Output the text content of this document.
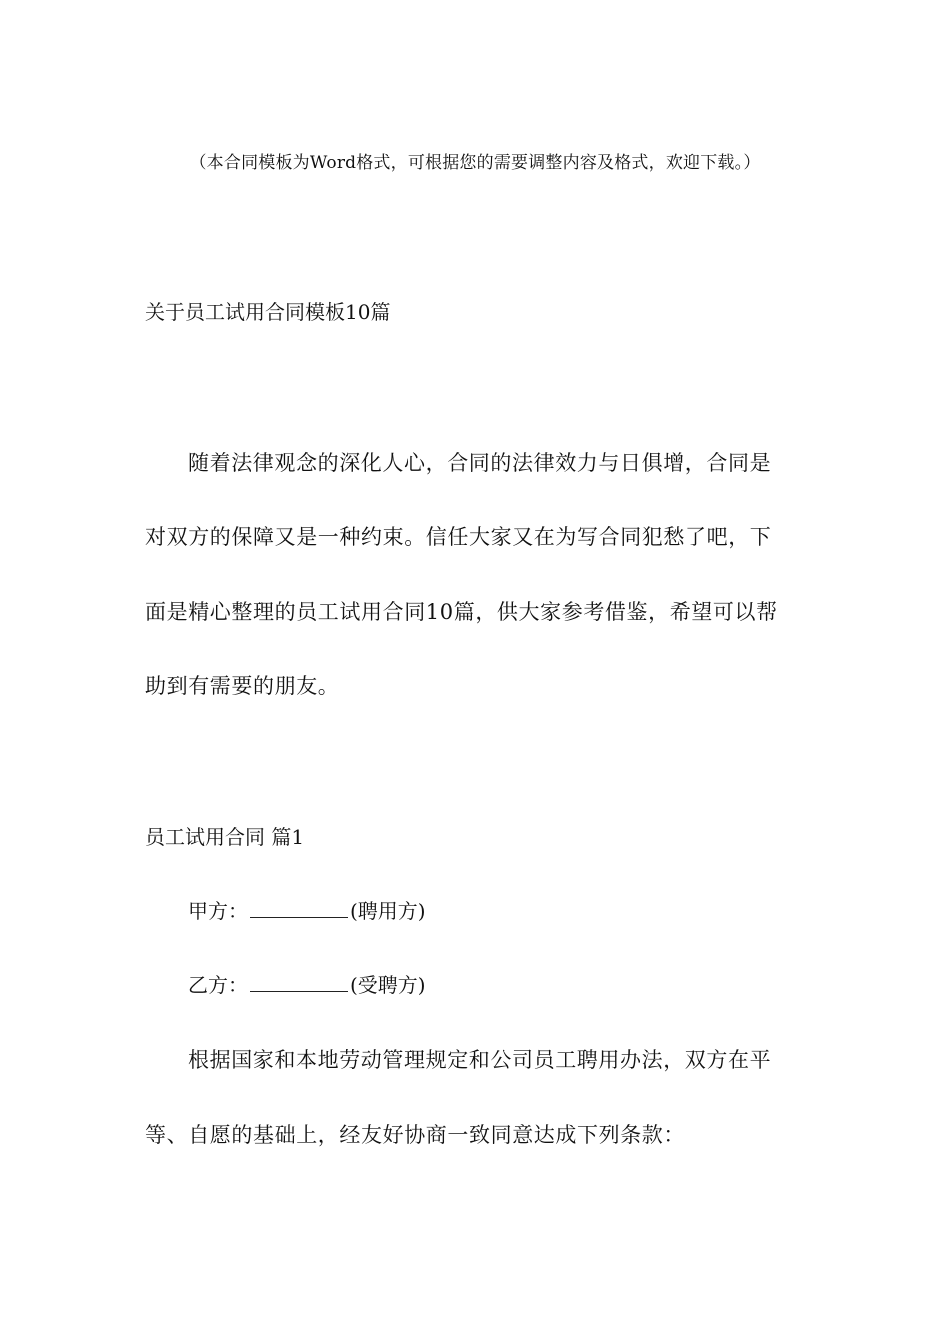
（本合同模板为Word格式，可根据您的需要调整内容及格式，欢迎下载。）
关于员工试用合同模板10篇
随着法律观念的深化人心，合同的法律效力与日俱增，合同是
对双方的保障又是一种约束。信任大家又在为写合同犯愁了吧，下
面是精心整理的员工试用合同10篇，供大家参考借鉴，希望可以帮
助到有需要的朋友。
员工试用合同 篇1
甲方：	(聘用方)
乙方：	(受聘方)
根据国家和本地劳动管理规定和公司员工聘用办法，双方在平
等、自愿的基础上，经友好协商一致同意达成下列条款：
